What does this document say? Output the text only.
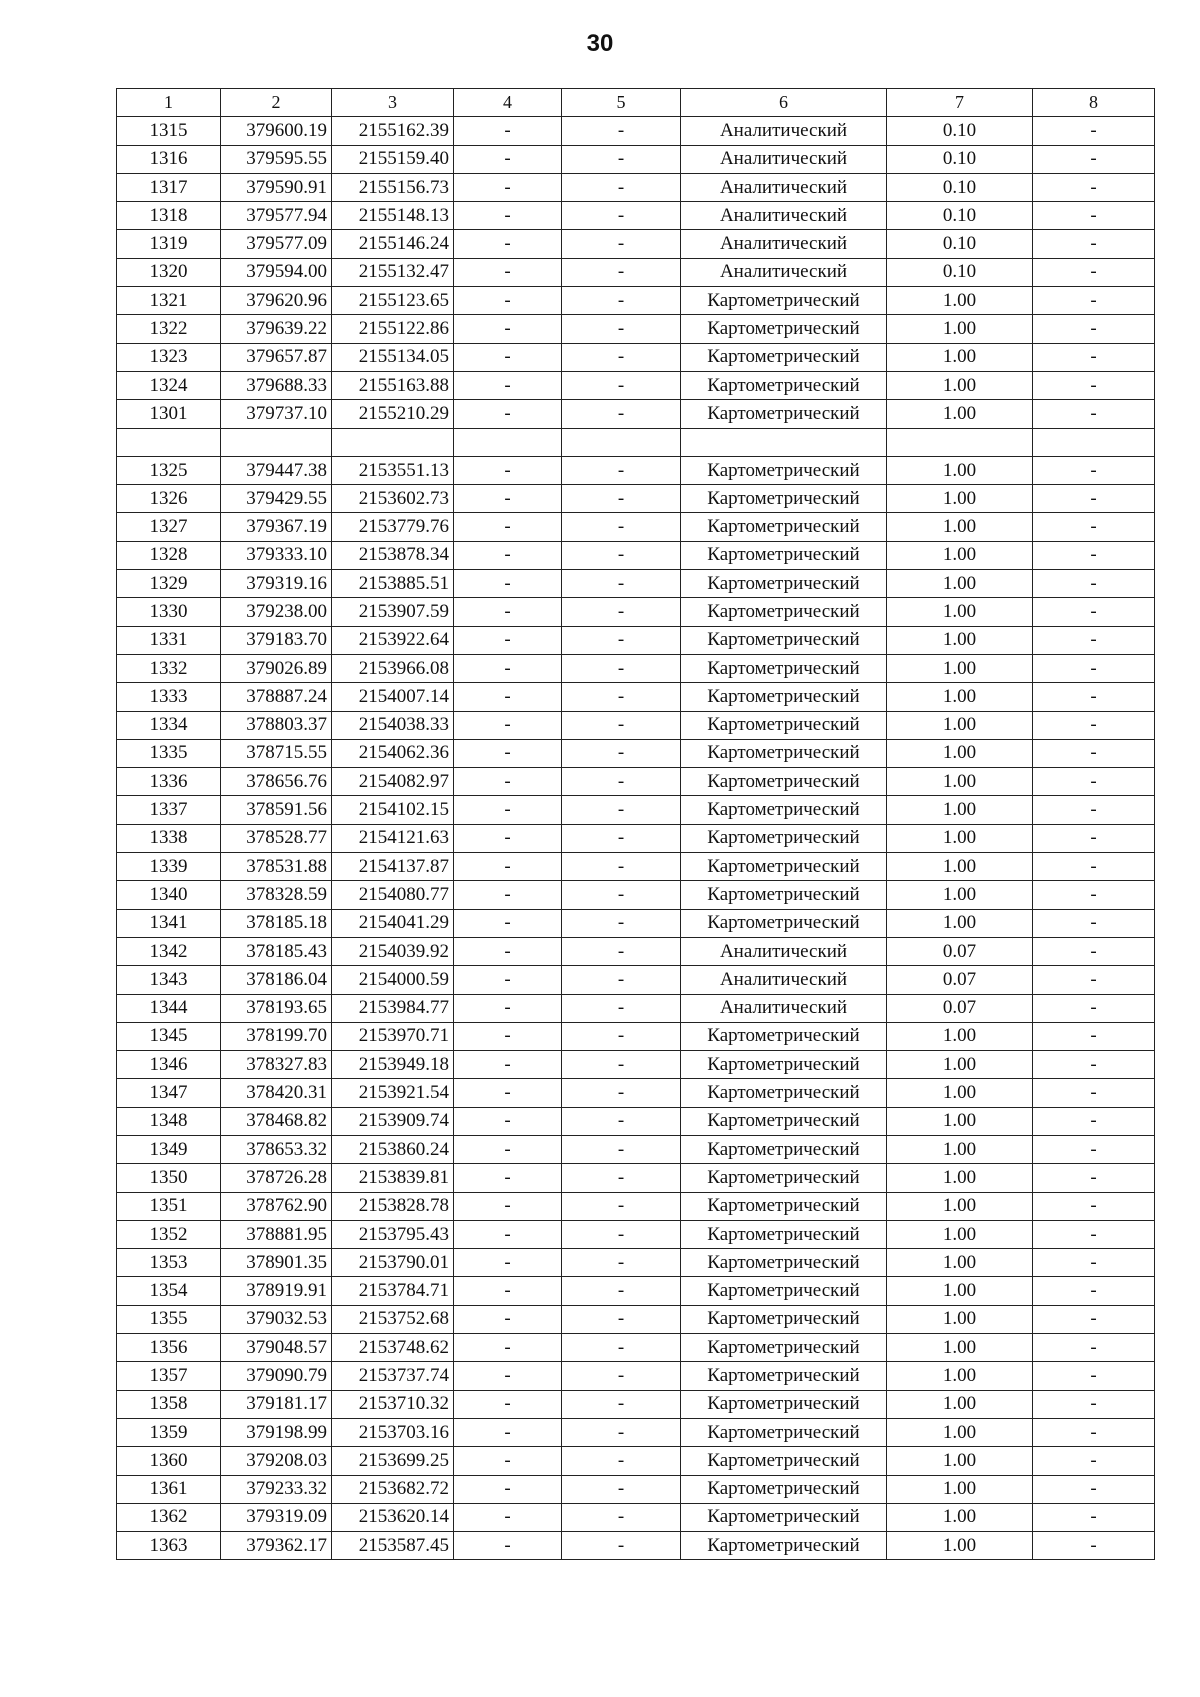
30
1	2	3	4	5	6	7	8
1315	379600.19	2155162.39	-	-	Аналитический	0.10	-
1316	379595.55	2155159.40	-	-	Аналитический	0.10	-
1317	379590.91	2155156.73	-	-	Аналитический	0.10	-
1318	379577.94	2155148.13	-	-	Аналитический	0.10	-
1319	379577.09	2155146.24	-	-	Аналитический	0.10	-
1320	379594.00	2155132.47	-	-	Аналитический	0.10	-
1321	379620.96	2155123.65	-	-	Картометрический	1.00	-
1322	379639.22	2155122.86	-	-	Картометрический	1.00	-
1323	379657.87	2155134.05	-	-	Картометрический	1.00	-
1324	379688.33	2155163.88	-	-	Картометрический	1.00	-
1301	379737.10	2155210.29	-	-	Картометрический	1.00	-

1325	379447.38	2153551.13	-	-	Картометрический	1.00	-
1326	379429.55	2153602.73	-	-	Картометрический	1.00	-
1327	379367.19	2153779.76	-	-	Картометрический	1.00	-
1328	379333.10	2153878.34	-	-	Картометрический	1.00	-
1329	379319.16	2153885.51	-	-	Картометрический	1.00	-
1330	379238.00	2153907.59	-	-	Картометрический	1.00	-
1331	379183.70	2153922.64	-	-	Картометрический	1.00	-
1332	379026.89	2153966.08	-	-	Картометрический	1.00	-
1333	378887.24	2154007.14	-	-	Картометрический	1.00	-
1334	378803.37	2154038.33	-	-	Картометрический	1.00	-
1335	378715.55	2154062.36	-	-	Картометрический	1.00	-
1336	378656.76	2154082.97	-	-	Картометрический	1.00	-
1337	378591.56	2154102.15	-	-	Картометрический	1.00	-
1338	378528.77	2154121.63	-	-	Картометрический	1.00	-
1339	378531.88	2154137.87	-	-	Картометрический	1.00	-
1340	378328.59	2154080.77	-	-	Картометрический	1.00	-
1341	378185.18	2154041.29	-	-	Картометрический	1.00	-
1342	378185.43	2154039.92	-	-	Аналитический	0.07	-
1343	378186.04	2154000.59	-	-	Аналитический	0.07	-
1344	378193.65	2153984.77	-	-	Аналитический	0.07	-
1345	378199.70	2153970.71	-	-	Картометрический	1.00	-
1346	378327.83	2153949.18	-	-	Картометрический	1.00	-
1347	378420.31	2153921.54	-	-	Картометрический	1.00	-
1348	378468.82	2153909.74	-	-	Картометрический	1.00	-
1349	378653.32	2153860.24	-	-	Картометрический	1.00	-
1350	378726.28	2153839.81	-	-	Картометрический	1.00	-
1351	378762.90	2153828.78	-	-	Картометрический	1.00	-
1352	378881.95	2153795.43	-	-	Картометрический	1.00	-
1353	378901.35	2153790.01	-	-	Картометрический	1.00	-
1354	378919.91	2153784.71	-	-	Картометрический	1.00	-
1355	379032.53	2153752.68	-	-	Картометрический	1.00	-
1356	379048.57	2153748.62	-	-	Картометрический	1.00	-
1357	379090.79	2153737.74	-	-	Картометрический	1.00	-
1358	379181.17	2153710.32	-	-	Картометрический	1.00	-
1359	379198.99	2153703.16	-	-	Картометрический	1.00	-
1360	379208.03	2153699.25	-	-	Картометрический	1.00	-
1361	379233.32	2153682.72	-	-	Картометрический	1.00	-
1362	379319.09	2153620.14	-	-	Картометрический	1.00	-
1363	379362.17	2153587.45	-	-	Картометрический	1.00	-
